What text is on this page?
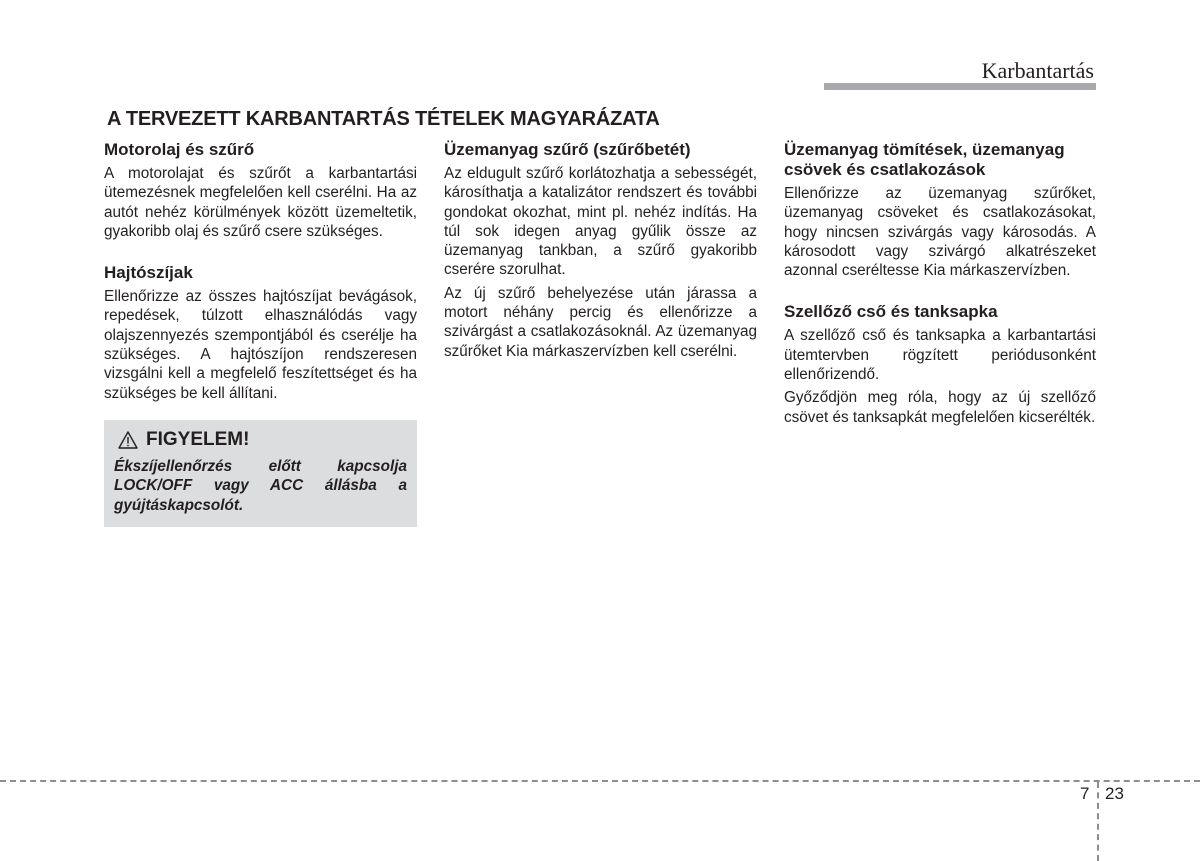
Karbantartás
A TERVEZETT KARBANTARTÁS TÉTELEK MAGYARÁZATA
Motorolaj és szűrő

A motorolajat és szűrőt a karbantartási ütemezésnek megfelelően kell cserélni. Ha az autót nehéz körülmények között üzemeltetik, gyakoribb olaj és szűrő csere szükséges.

Hajtószíjak

Ellenőrizze az összes hajtószíjat bevágások, repedések, túlzott elhasználódás vagy olajszennyezés szempontjából és cserélje ha szükséges. A hajtószíjon rendszeresen vizsgálni kell a megfelelő feszítettséget és ha szükséges be kell állítani.

FIGYELEM!
Ékszíjellenőrzés előtt kapcsolja LOCK/OFF vagy ACC állásba a gyújtáskapcsolót.
Üzemanyag szűrő (szűrőbetét)

Az eldugult szűrő korlátozhatja a sebességét, károsíthatja a katalizátor rendszert és további gondokat okozhat, mint pl. nehéz indítás. Ha túl sok idegen anyag gyűlik össze az üzemanyag tankban, a szűrő gyakoribb cserére szorulhat.

Az új szűrő behelyezése után járassa a motort néhány percig és ellenőrizze a szivárgást a csatlakozásoknál. Az üzemanyag szűrőket Kia márkaszervízben kell cserélni.

Üzemanyag tömítések, üzemanyag csövek és csatlakozások

Ellenőrizze az üzemanyag szűrőket, üzemanyag csöveket és csatlakozásokat, hogy nincsen szivárgás vagy károsodás. A károsodott vagy szivárgó alkatrészeket azonnal cseréltesse Kia márkaszervízben.

Szellőző cső és tanksapka

A szellőző cső és tanksapka a karbantartási ütemtervben rögzített periódusonként ellenőrizendő.

Győződjön meg róla, hogy az új szellőző csövet és tanksapkát megfelelően kicserélték.

7 23
